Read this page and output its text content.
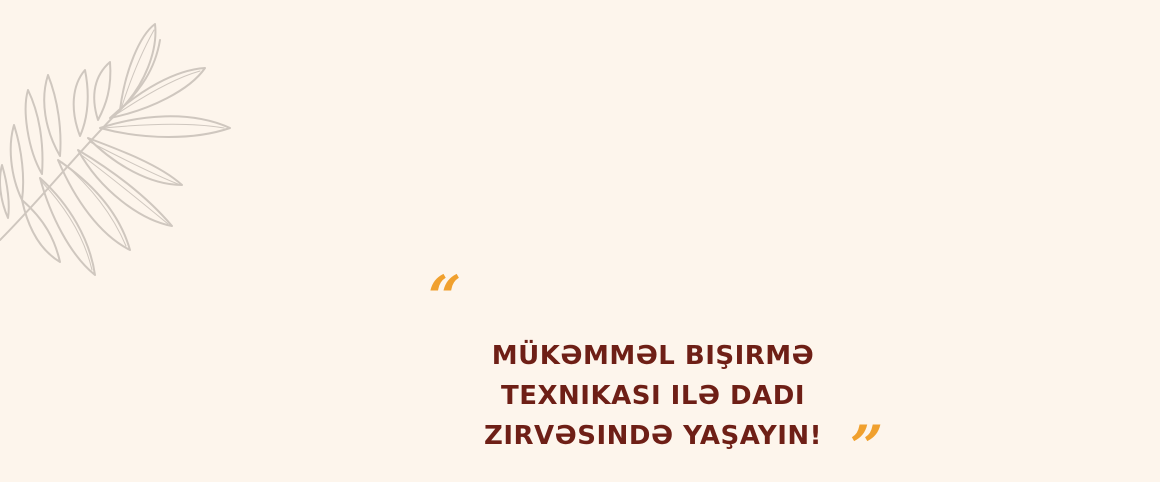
“
MÜKƏMMƏL BIŞIRMƏ
TEXNIKASI ILƏ DADI
ZIRVƏSINDƏ YAŞAYIN! ”
